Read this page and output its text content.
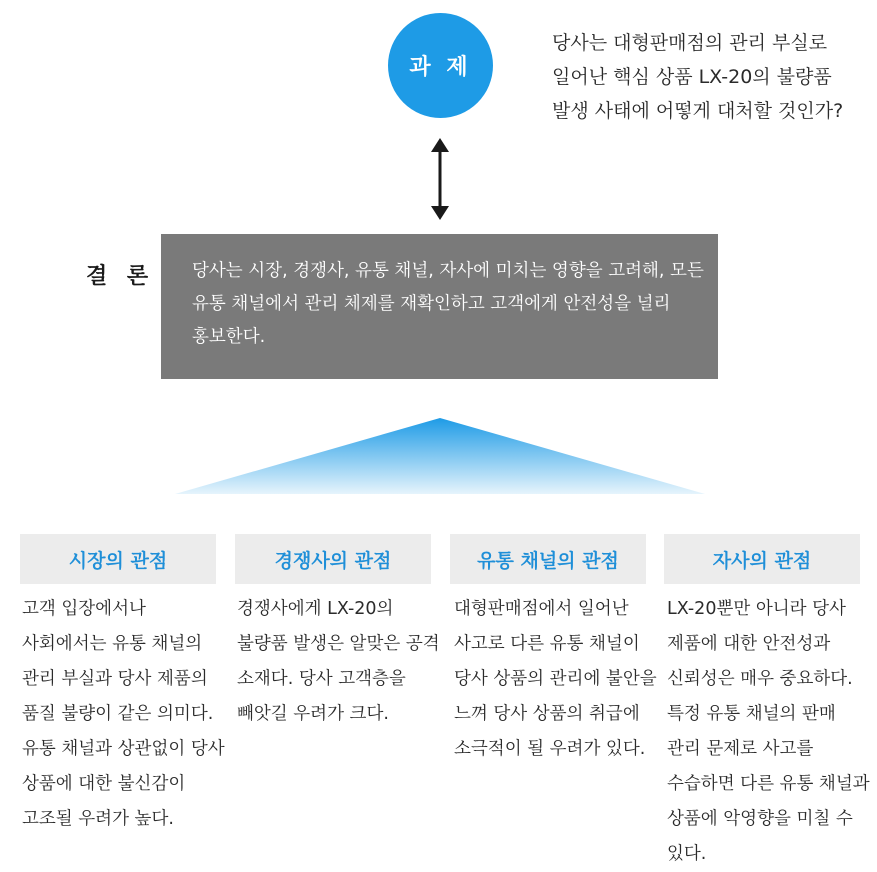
과 제
당사는 대형판매점의 관리 부실로 일어난 핵심 상품 LX-20의 불량품 발생 사태에 어떻게 대처할 것인가?
결 론 당사는 시장, 경쟁사, 유통 채널, 자사에 미치는 영향을 고려해, 모든 유통 채널에서 관리 체제를 재확인하고 고객에게 안전성을 널리 홍보한다.
시장의 관점	경쟁사의 관점	유통 채널의 관점	자사의 관점
고객 입장에서나 사회에서는 유통 채널의 관리 부실과 당사 제품의 품질 불량이 같은 의미다. 유통 채널과 상관없이 당사 상품에 대한 불신감이 고조될 우려가 높다.
경쟁사에게 LX-20의 불량품 발생은 알맞은 공격 소재다. 당사 고객층을 빼앗길 우려가 크다.
대형판매점에서 일어난 사고로 다른 유통 채널이 당사 상품의 관리에 불안을 느껴 당사 상품의 취급에 소극적이 될 우려가 있다.
LX-20뿐만 아니라 당사 제품에 대한 안전성과 신뢰성은 매우 중요하다. 특정 유통 채널의 판매 관리 문제로 사고를 수습하면 다른 유통 채널과 상품에 악영향을 미칠 수 있다.
